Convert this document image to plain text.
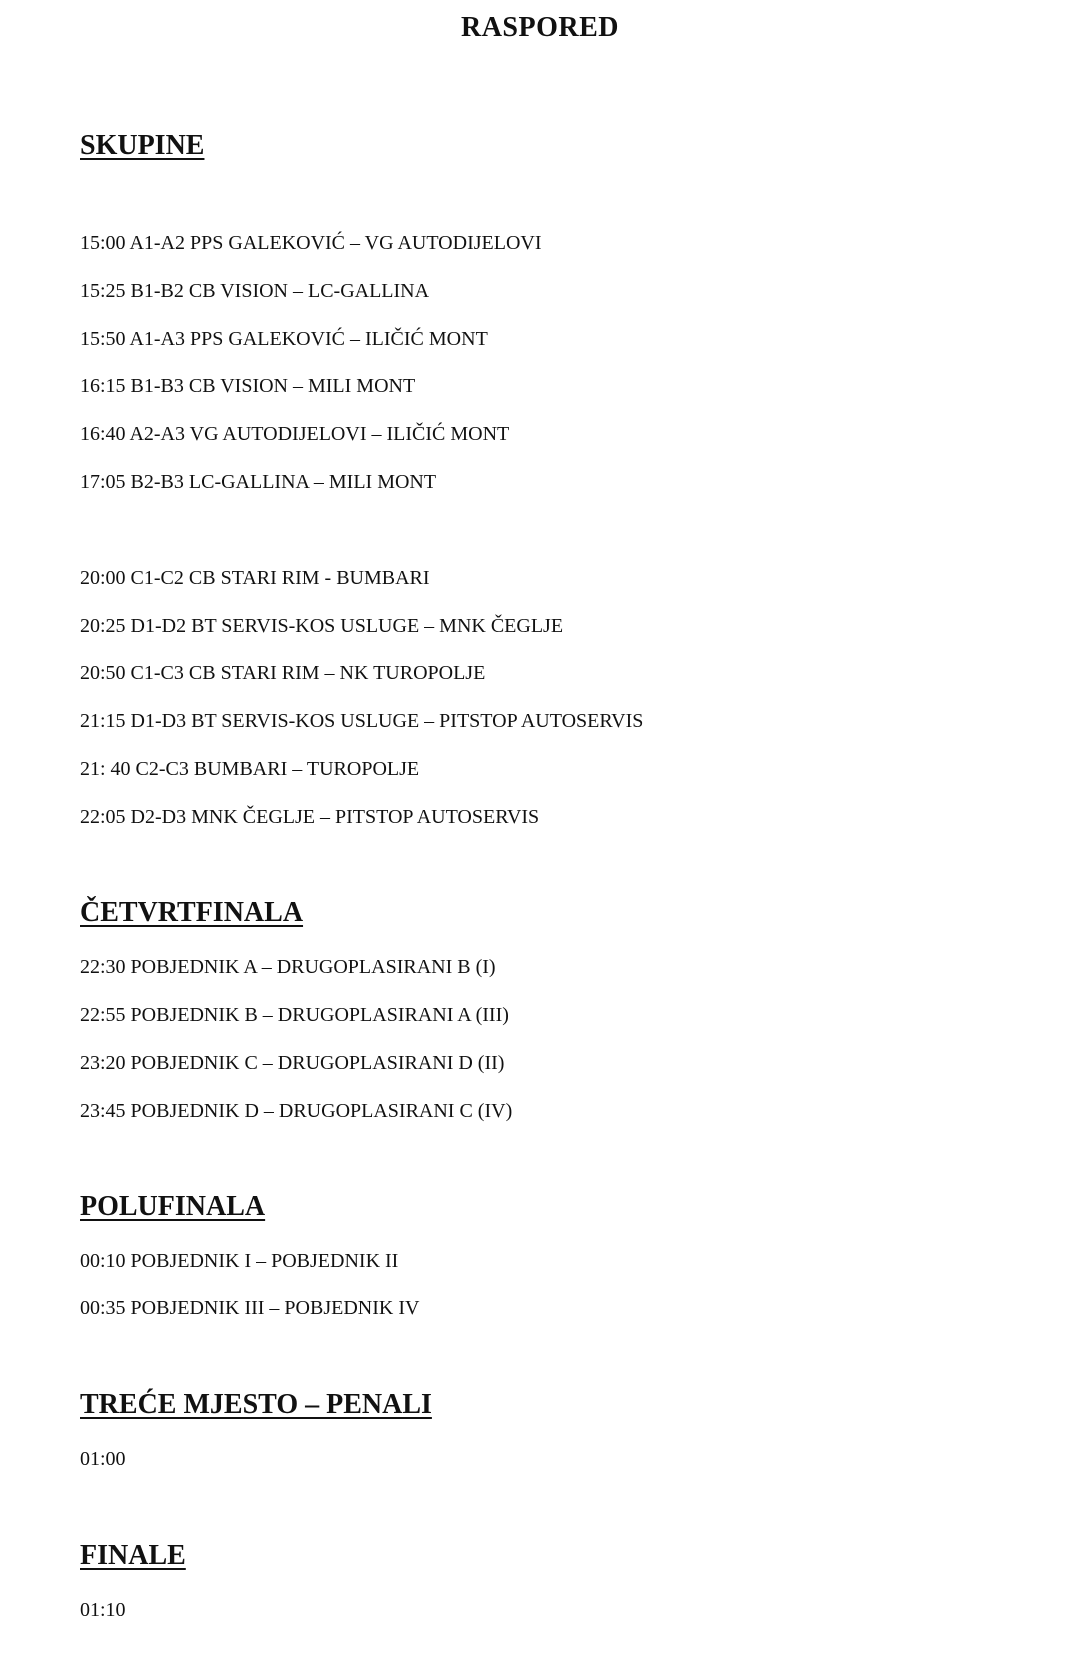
RASPORED
SKUPINE
15:00 A1-A2 PPS GALEKOVIĆ – VG AUTODIJELOVI
15:25 B1-B2 CB VISION – LC-GALLINA
15:50 A1-A3 PPS GALEKOVIĆ – ILIČIĆ MONT
16:15 B1-B3 CB VISION – MILI MONT
16:40 A2-A3 VG AUTODIJELOVI – ILIČIĆ MONT
17:05 B2-B3 LC-GALLINA – MILI MONT
20:00 C1-C2 CB STARI RIM - BUMBARI
20:25 D1-D2 BT SERVIS-KOS USLUGE – MNK ČEGLJE
20:50 C1-C3 CB STARI RIM – NK TUROPOLJE
21:15 D1-D3 BT SERVIS-KOS USLUGE – PITSTOP AUTOSERVIS
21: 40 C2-C3 BUMBARI – TUROPOLJE
22:05 D2-D3 MNK ČEGLJE – PITSTOP AUTOSERVIS
ČETVRTFINALA
22:30 POBJEDNIK A – DRUGOPLASIRANI B (I)
22:55 POBJEDNIK B – DRUGOPLASIRANI A (III)
23:20 POBJEDNIK C – DRUGOPLASIRANI D (II)
23:45 POBJEDNIK D – DRUGOPLASIRANI C (IV)
POLUFINALA
00:10 POBJEDNIK I – POBJEDNIK II
00:35 POBJEDNIK III – POBJEDNIK IV
TREĆE MJESTO – PENALI
01:00
FINALE
01:10
